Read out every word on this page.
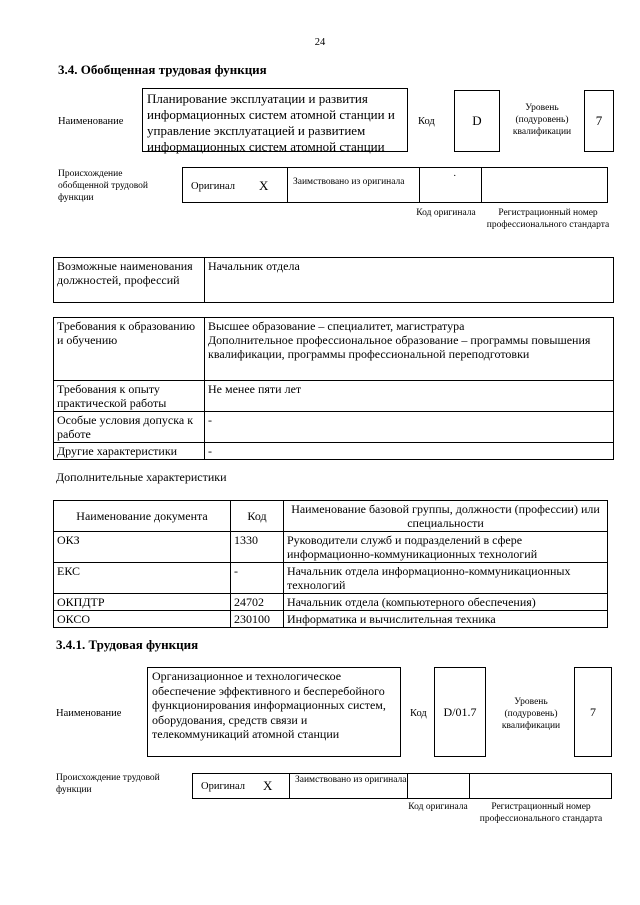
24
3.4. Обобщенная трудовая функция
Наименование
Планирование эксплуатации и развития информационных систем атомной станции и управление эксплуатацией и развитием информационных систем атомной станции
Код	D
Уровень (подуровень) квалификации
7
Происхождение обобщенной трудовой функции
Оригинал X	Заимствовано из оригинала	·
Код оригинала	Регистрационный номер профессионального стандарта
Возможные наименования должностей, профессий	Начальник отдела
Требования к образованию и обучению	Высшее образование – специалитет, магистратура
Дополнительное профессиональное образование – программы повышения квалификации, программы профессиональной переподготовки
Требования к опыту практической работы	Не менее пяти лет
Особые условия допуска к работе	-
Другие характеристики	-
Дополнительные характеристики
Наименование документа	Код	Наименование базовой группы, должности (профессии) или специальности
ОКЗ	1330	Руководители служб и подразделений в сфере информационно-коммуникационных технологий
ЕКС	-	Начальник отдела информационно-коммуникационных технологий
ОКПДТР	24702	Начальник отдела (компьютерного обеспечения)
ОКСО	230100	Информатика и вычислительная техника
3.4.1. Трудовая функция
Наименование
Организационное и технологическое обеспечение эффективного и бесперебойного функционирования информационных систем, оборудования, средств связи и телекоммуникаций атомной станции
Код	D/01.7
Уровень (подуровень) квалификации
7
Происхождение трудовой функции	Оригинал X Заимствовано из оригинала
Код оригинала	Регистрационный номер профессионального стандарта
